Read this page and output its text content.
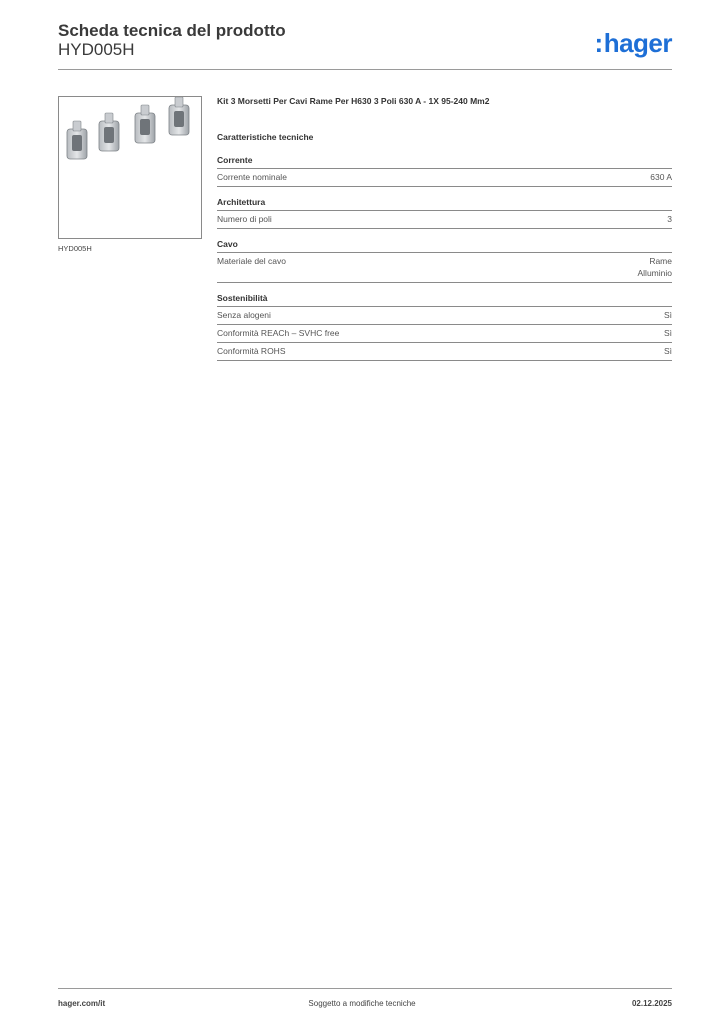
Scheda tecnica del prodotto
HYD005H	:hager
HYD005H
Kit 3 Morsetti Per Cavi Rame Per H630 3 Poli 630 A - 1X 95-240 Mm2
Caratteristiche tecniche
Corrente
Corrente nominale	630 A
Architettura
Numero di poli	3
Cavo
Materiale del cavo	Rame
Alluminio
Sostenibilità
Senza alogeni	Sì
Conformità REACh – SVHC free	Sì
Conformità ROHS	Sì
hager.com/it	Soggetto a modifiche tecniche	02.12.2025
